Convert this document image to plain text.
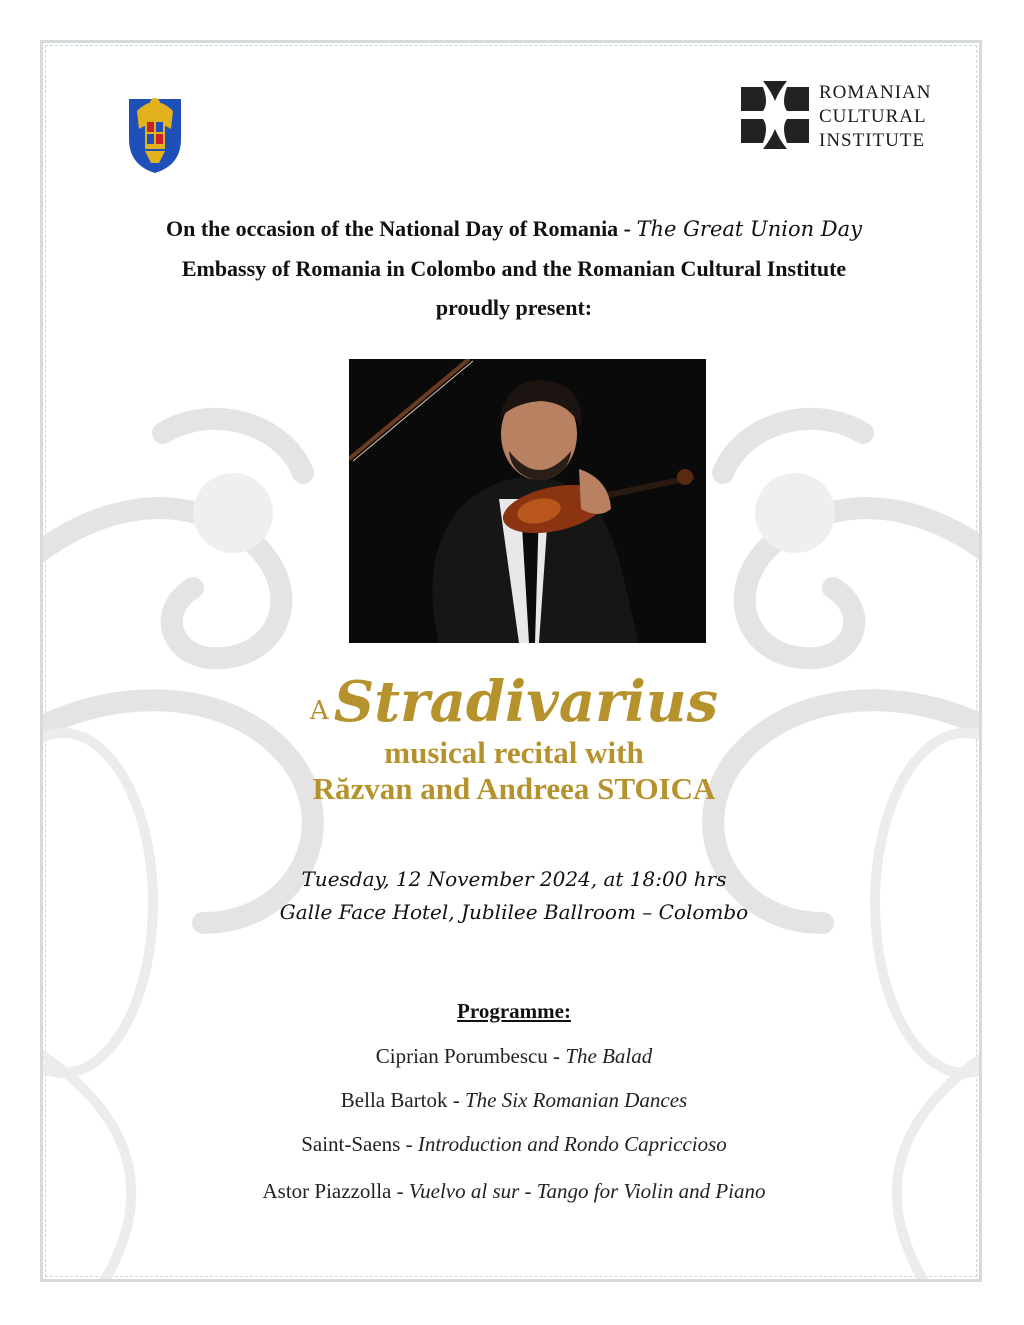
ROMANIAN
CULTURAL
INSTITUTE
On the occasion of the National Day of Romania - The Great Union Day
Embassy of Romania in Colombo and the Romanian Cultural Institute
proudly present:
A Stradivarius
musical recital with
Răzvan and Andreea STOICA
Tuesday, 12 November 2024, at 18:00 hrs
Galle Face Hotel, Jublilee Ballroom – Colombo
Programme:
Ciprian Porumbescu - The Balad
Bella Bartok - The Six Romanian Dances
Saint-Saens - Introduction and Rondo Capriccioso
Astor Piazzolla - Vuelvo al sur - Tango for Violin and Piano
